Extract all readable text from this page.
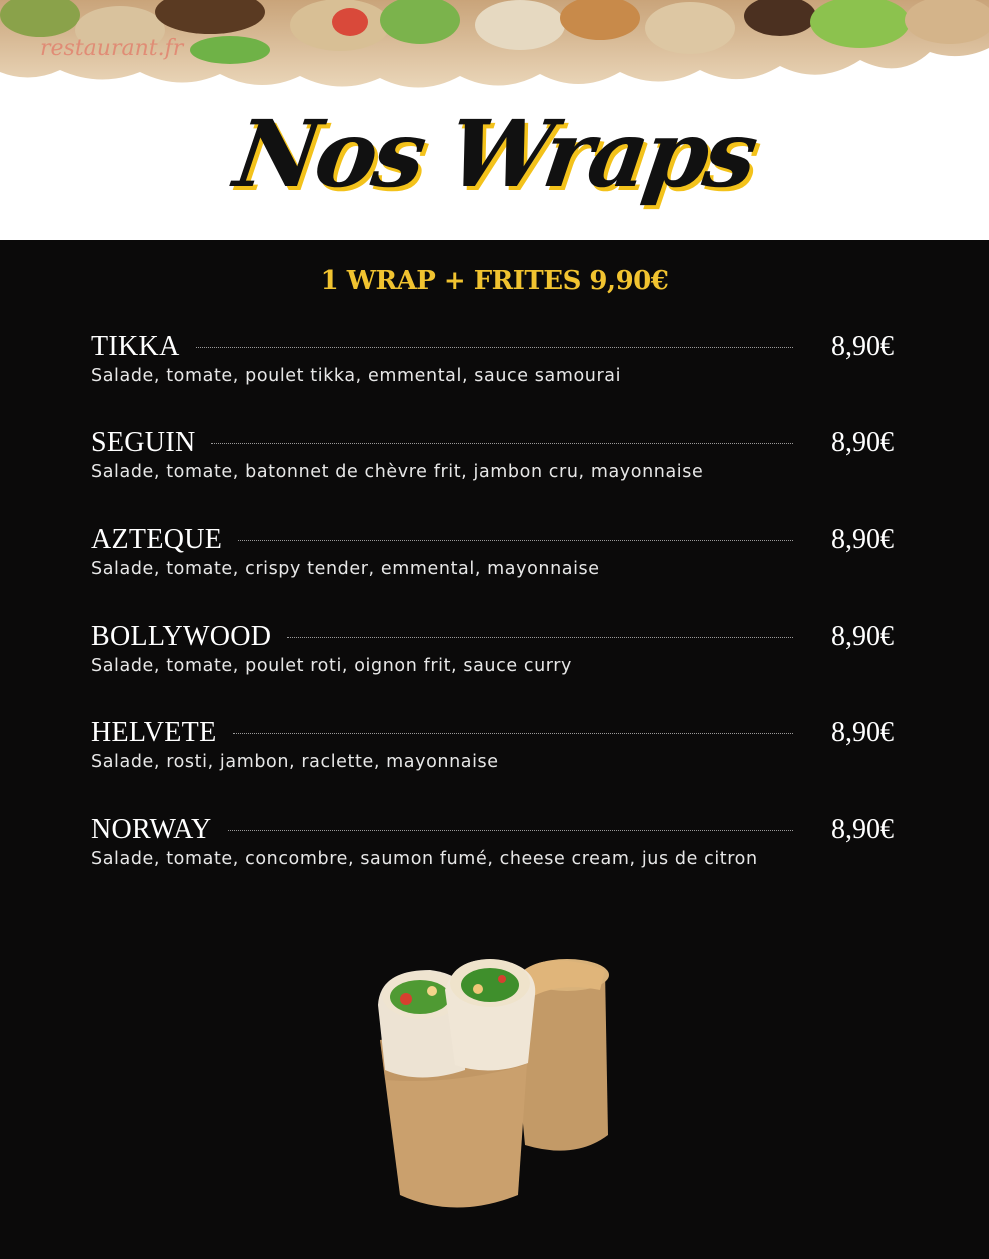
restaurant.fr
Nos Wraps
1 WRAP + FRITES 9,90€
TIKKA	8,90€
Salade, tomate, poulet tikka, emmental, sauce samourai
SEGUIN	8,90€
Salade, tomate, batonnet de chèvre frit, jambon cru, mayonnaise
AZTEQUE	8,90€
Salade, tomate, crispy tender, emmental, mayonnaise
BOLLYWOOD	8,90€
Salade, tomate, poulet roti, oignon frit, sauce curry
HELVETE	8,90€
Salade, rosti, jambon, raclette, mayonnaise
NORWAY	8,90€
Salade, tomate, concombre, saumon fumé, cheese cream, jus de citron
